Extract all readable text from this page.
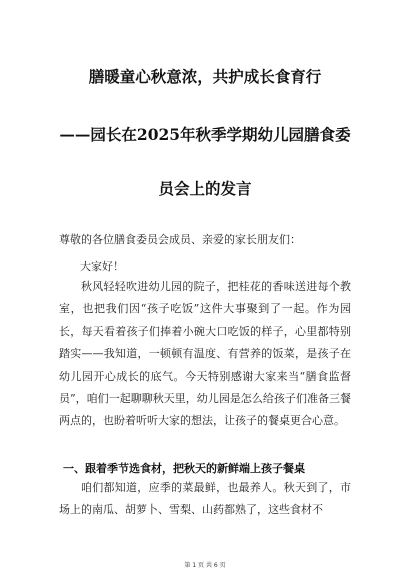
膳暖童心秋意浓，共护成长食育行
——园长在2025年秋季学期幼儿园膳食委
员会上的发言
尊敬的各位膳食委员会成员、亲爱的家长朋友们：
大家好！
秋风轻轻吹进幼儿园的院子，把桂花的香味送进每个教室，也把我们因“孩子吃饭”这件大事聚到了一起。作为园长，每天看着孩子们捧着小碗大口吃饭的样子，心里都特别踏实——我知道，一顿顿有温度、有营养的饭菜，是孩子在幼儿园开心成长的底气。今天特别感谢大家来当“膳食监督员”，咱们一起聊聊秋天里，幼儿园是怎么给孩子们准备三餐两点的，也盼着听听大家的想法，让孩子的餐桌更合心意。
一、跟着季节选食材，把秋天的新鲜端上孩子餐桌
咱们都知道，应季的菜最鲜，也最养人。秋天到了，市场上的南瓜、胡萝卜、雪梨、山药都熟了，这些食材不
第 1 页 共 6 页
